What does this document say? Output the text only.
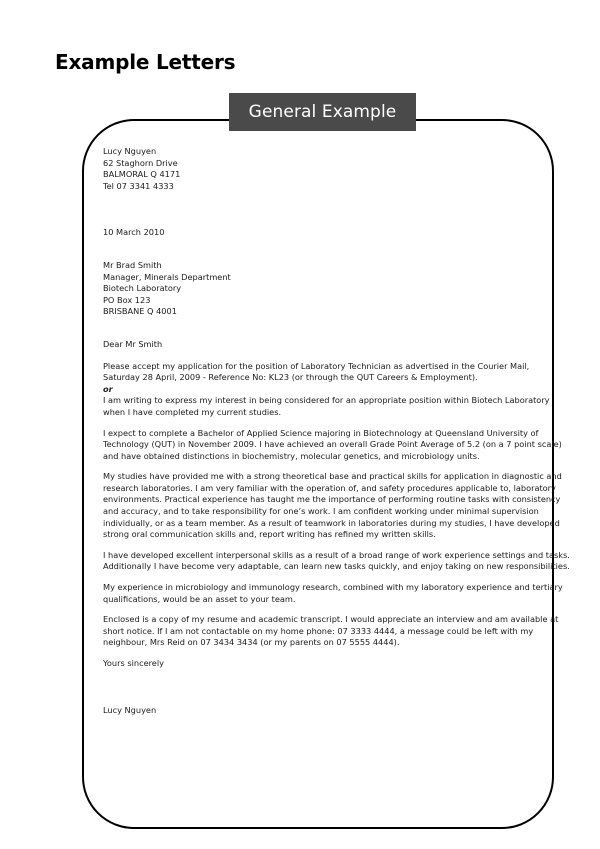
Example Letters
General Example
Lucy Nguyen
62 Staghorn Drive
BALMORAL Q 4171
Tel 07 3341 4333
10 March 2010
Mr Brad Smith
Manager, Minerals Department
Biotech Laboratory
PO Box 123
BRISBANE Q 4001
Dear Mr Smith
Please accept my application for the position of Laboratory Technician as advertised in the Courier Mail,
Saturday 28 April, 2009 - Reference No: KL23 (or through the QUT Careers & Employment).
or
I am writing to express my interest in being considered for an appropriate position within Biotech Laboratory
when I have completed my current studies.
I expect to complete a Bachelor of Applied Science majoring in Biotechnology at Queensland University of
Technology (QUT) in November 2009. I have achieved an overall Grade Point Average of 5.2 (on a 7 point scale)
and have obtained distinctions in biochemistry, molecular genetics, and microbiology units.
My studies have provided me with a strong theoretical base and practical skills for application in diagnostic and
research laboratories. I am very familiar with the operation of, and safety procedures applicable to, laboratory
environments. Practical experience has taught me the importance of performing routine tasks with consistency
and accuracy, and to take responsibility for one’s work. I am confident working under minimal supervision
individually, or as a team member. As a result of teamwork in laboratories during my studies, I have developed
strong oral communication skills and, report writing has refined my written skills.
I have developed excellent interpersonal skills as a result of a broad range of work experience settings and tasks.
Additionally I have become very adaptable, can learn new tasks quickly, and enjoy taking on new responsibilities.
My experience in microbiology and immunology research, combined with my laboratory experience and tertiary
qualifications, would be an asset to your team.
Enclosed is a copy of my resume and academic transcript. I would appreciate an interview and am available at
short notice. If I am not contactable on my home phone: 07 3333 4444, a message could be left with my
neighbour, Mrs Reid on 07 3434 3434 (or my parents on 07 5555 4444).
Yours sincerely
Lucy Nguyen
